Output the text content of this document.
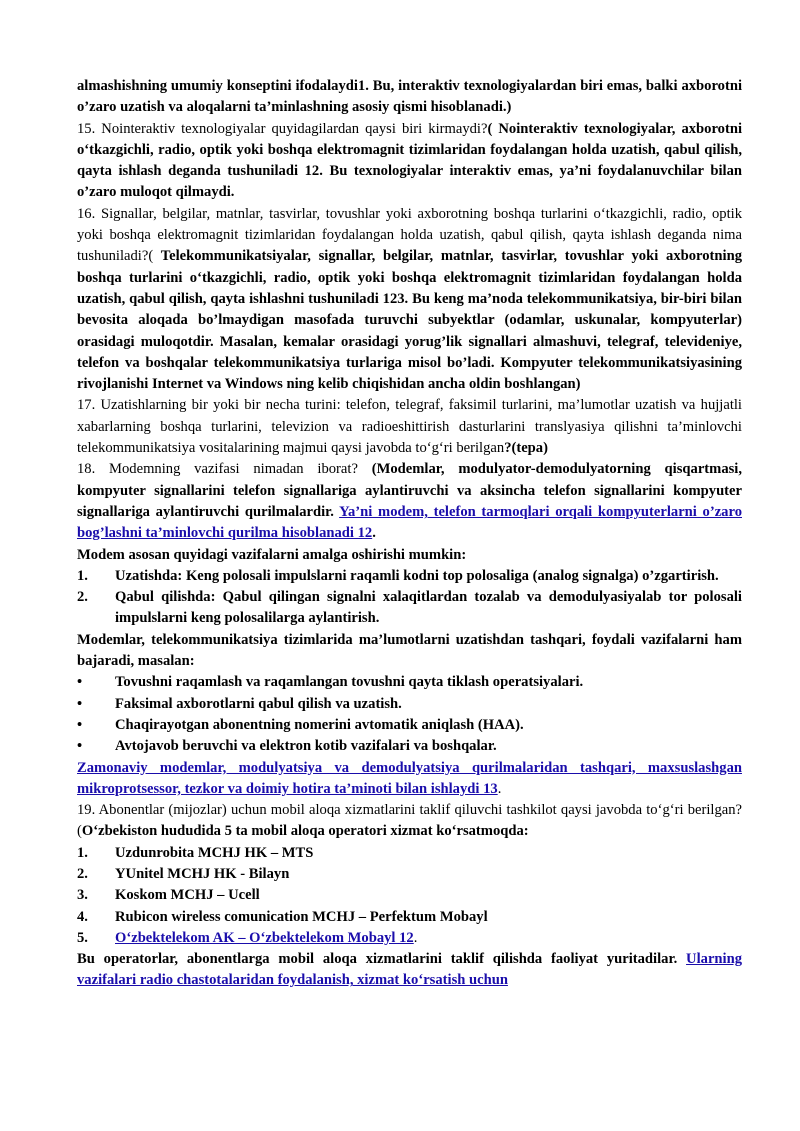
almashishning umumiy konseptini ifodalaydi1. Bu, interaktiv texnologiyalardan biri emas, balki axborotni o’zaro uzatish va aloqalarni ta’minlashning asosiy qismi hisoblanadi.)

15. Nointeraktiv texnologiyalar quyidagilardan qaysi biri kirmaydi?( Nointeraktiv texnologiyalar, axborotni o‘tkazgichli, radio, optik yoki boshqa elektromagnit tizimlaridan foydalangan holda uzatish, qabul qilish, qayta ishlash deganda tushuniladi 12. Bu texnologiyalar interaktiv emas, ya’ni foydalanuvchilar bilan o’zaro muloqot qilmaydi.

16. Signallar, belgilar, matnlar, tasvirlar, tovushlar yoki axborotning boshqa turlarini o‘tkazgichli, radio, optik yoki boshqa elektromagnit tizimlaridan foydalangan holda uzatish, qabul qilish, qayta ishlash deganda nima tushuniladi?( Telekommunikatsiyalar, signallar, belgilar, matnlar, tasvirlar, tovushlar yoki axborotning boshqa turlarini o‘tkazgichli, radio, optik yoki boshqa elektromagnit tizimlaridan foydalangan holda uzatish, qabul qilish, qayta ishlashni tushuniladi 123. Bu keng ma’noda telekommunikatsiya, bir-biri bilan bevosita aloqada bo’lmaydigan masofada turuvchi subyektlar (odamlar, uskunalar, kompyuterlar) orasidagi muloqotdir. Masalan, kemalar orasidagi yorug’lik signallari almashuvi, telegraf, televideniye, telefon va boshqalar telekommunikatsiya turlariga misol bo’ladi. Kompyuter telekommunikatsiyasining rivojlanishi Internet va Windows ning kelib chiqishidan ancha oldin boshlangan)

17. Uzatishlarning bir yoki bir necha turini: telefon, telegraf, faksimil turlarini, ma’lumotlar uzatish va hujjatli xabarlarning boshqa turlarini, televizion va radioeshittirish dasturlarini translyasiya qilishni ta’minlovchi telekommunikatsiya vositalarining majmui qaysi javobda to‘g‘ri berilgan?(tepa)

18. Modemning vazifasi nimadan iborat? (Modemlar, modulyator-demodulyatorning qisqartmasi, kompyuter signallarini telefon signallariga aylantiruvchi va aksincha telefon signallarini kompyuter signallariga aylantiruvchi qurilmalardir. Ya’ni modem, telefon tarmoqlari orqali kompyuterlarni o’zaro bog’lashni ta’minlovchi qurilma hisoblanadi 12.

Modem asosan quyidagi vazifalarni amalga oshirishi mumkin:

1.	Uzatishda: Keng polosali impulslarni raqamli kodni top polosaliga (analog signalga) o’zgartirish.
2.	Qabul qilishda: Qabul qilingan signalni xalaqitlardan tozalab va demodulyasiyalab tor polosali impulslarni keng polosalilarga aylantirish.

Modemlar, telekommunikatsiya tizimlarida ma’lumotlarni uzatishdan tashqari, foydali vazifalarni ham bajaradi, masalan:

•	Tovushni raqamlash va raqamlangan tovushni qayta tiklash operatsiyalari.
•	Faksimal axborotlarni qabul qilish va uzatish.
•	Chaqirayotgan abonentning nomerini avtomatik aniqlash (HAA).
•	Avtojavob beruvchi va elektron kotib vazifalari va boshqalar.

Zamonaviy modemlar, modulyatsiya va demodulyatsiya qurilmalaridan tashqari, maxsuslashgan mikroprotsessor, tezkor va doimiy hotira ta’minoti bilan ishlaydi 13.

19. Abonentlar (mijozlar) uchun mobil aloqa xizmatlarini taklif qiluvchi tashkilot qaysi javobda to‘g‘ri berilgan? (O‘zbekiston hududida 5 ta mobil aloqa operatori xizmat ko‘rsatmoqda:

1.	Uzdunrobita MCHJ HK – MTS
2.	YUnitel MCHJ HK - Bilayn
3.	Koskom MCHJ – Ucell
4.	Rubicon wireless comunication MCHJ – Perfektum Mobayl
5.	O‘zbektelekom AK – O‘zbektelekom Mobayl 12.

Bu operatorlar, abonentlarga mobil aloqa xizmatlarini taklif qilishda faoliyat yuritadilar. Ularning vazifalari radio chastotalaridan foydalanish, xizmat ko‘rsatish uchun
